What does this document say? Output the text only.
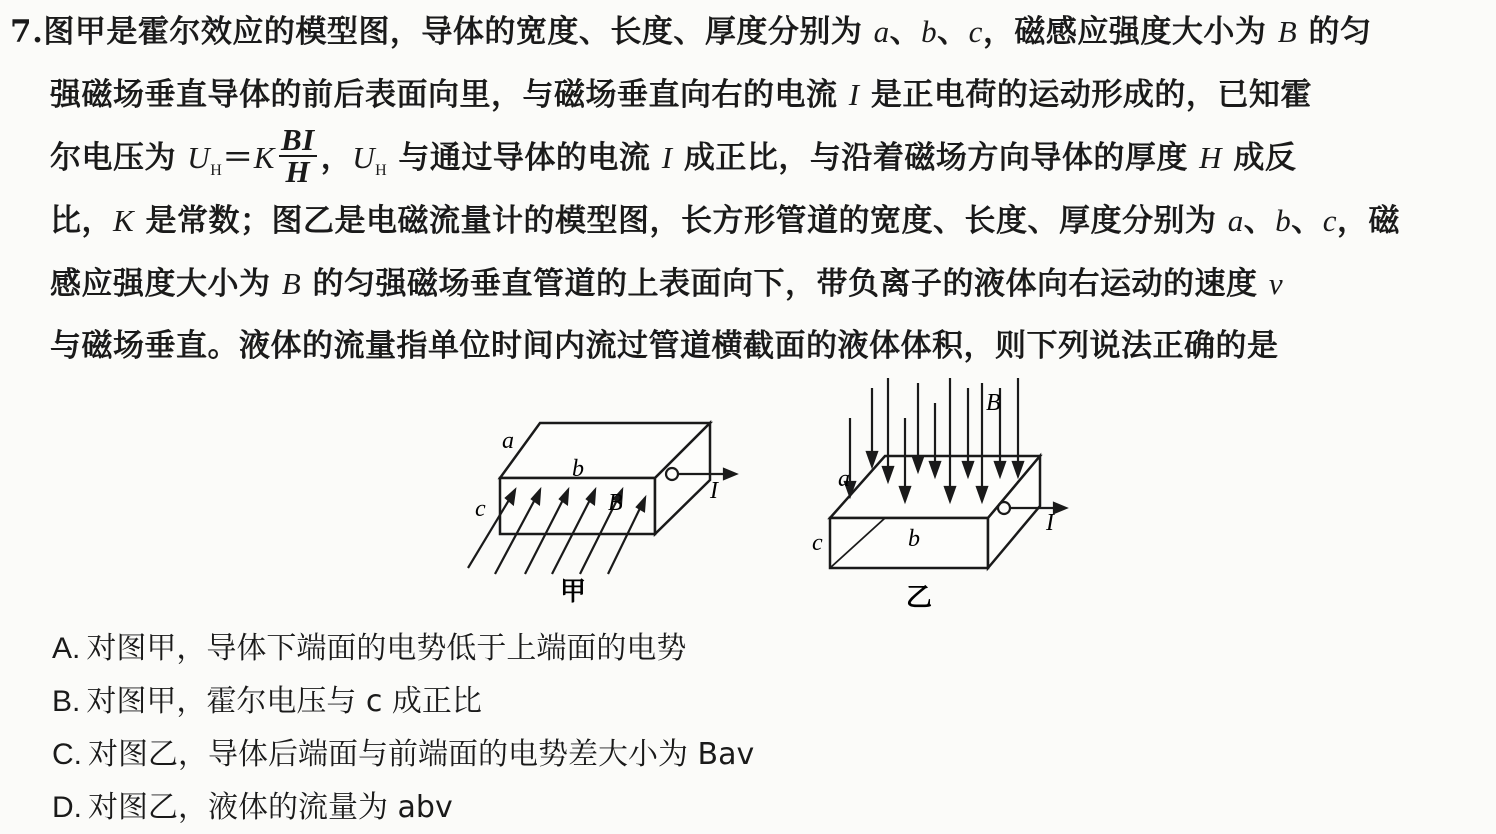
7.图甲是霍尔效应的模型图，导体的宽度、长度、厚度分别为 a、b、c，磁感应强度大小为 B 的匀
强磁场垂直导体的前后表面向里，与磁场垂直向右的电流 I 是正电荷的运动形成的，已知霍
尔电压为 $U_H=K \frac{BI}{H}$ ，$U_H$ 与通过导体的电流 I 成正比，与沿着磁场方向导体的厚度 H 成反
比，K 是常数；图乙是电磁流量计的模型图，长方形管道的宽度、长度、厚度分别为 a、b、c，磁
感应强度大小为 B 的匀强磁场垂直管道的上表面向下，带负离子的液体向右运动的速度 v
与磁场垂直。液体的流量指单位时间内流过管道横截面的液体体积，则下列说法正确的是
a
b
c	B	I
甲
a
b
c
B
I
乙
A. 对图甲，导体下端面的电势低于上端面的电势
B. 对图甲，霍尔电压与 c 成正比
C. 对图乙，导体后端面与前端面的电势差大小为 Bav
D. 对图乙，液体的流量为 abv
